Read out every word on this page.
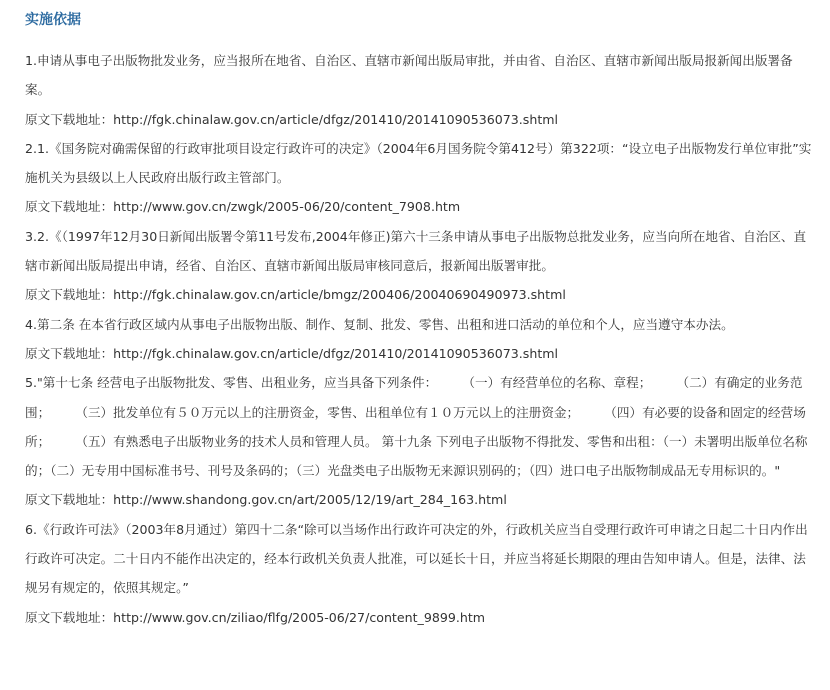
实施依据

1.申请从事电子出版物批发业务，应当报所在地省、自治区、直辖市新闻出版局审批，并由省、自治区、直辖市新闻出版局报新闻出版署备案。

原文下载地址：http://fgk.chinalaw.gov.cn/article/dfgz/201410/20141090536073.shtml

2.1.《国务院对确需保留的行政审批项目设定行政许可的决定》（2004年6月国务院令第412号）第322项：“设立电子出版物发行单位审批”实施机关为县级以上人民政府出版行政主管部门。

原文下载地址：http://www.gov.cn/zwgk/2005-06/20/content_7908.htm

3.2.《（1997年12月30日新闻出版署令第11号发布,2004年修正)第六十三条申请从事电子出版物总批发业务，应当向所在地省、自治区、直辖市新闻出版局提出申请，经省、自治区、直辖市新闻出版局审核同意后，报新闻出版署审批。

原文下载地址：http://fgk.chinalaw.gov.cn/article/bmgz/200406/20040690490973.shtml

4.第二条 在本省行政区域内从事电子出版物出版、制作、复制、批发、零售、出租和进口活动的单位和个人，应当遵守本办法。

原文下载地址：http://fgk.chinalaw.gov.cn/article/dfgz/201410/20141090536073.shtml

5."第十七条 经营电子出版物批发、零售、出租业务，应当具备下列条件：　　　（一）有经营单位的名称、章程；　　　（二）有确定的业务范围；　　　（三）批发单位有５０万元以上的注册资金，零售、出租单位有１０万元以上的注册资金；　　　（四）有必要的设备和固定的经营场所；　　　（五）有熟悉电子出版物业务的技术人员和管理人员。 第十九条 下列电子出版物不得批发、零售和出租：（一）未署明出版单位名称的；（二）无专用中国标准书号、刊号及条码的；（三）光盘类电子出版物无来源识别码的；（四）进口电子出版物制成品无专用标识的。"

原文下载地址：http://www.shandong.gov.cn/art/2005/12/19/art_284_163.html

6.《行政许可法》（2003年8月通过）第四十二条“除可以当场作出行政许可决定的外，行政机关应当自受理行政许可申请之日起二十日内作出行政许可决定。二十日内不能作出决定的，经本行政机关负责人批准，可以延长十日，并应当将延长期限的理由告知申请人。但是，法律、法规另有规定的，依照其规定。”

原文下载地址：http://www.gov.cn/ziliao/flfg/2005-06/27/content_9899.htm
